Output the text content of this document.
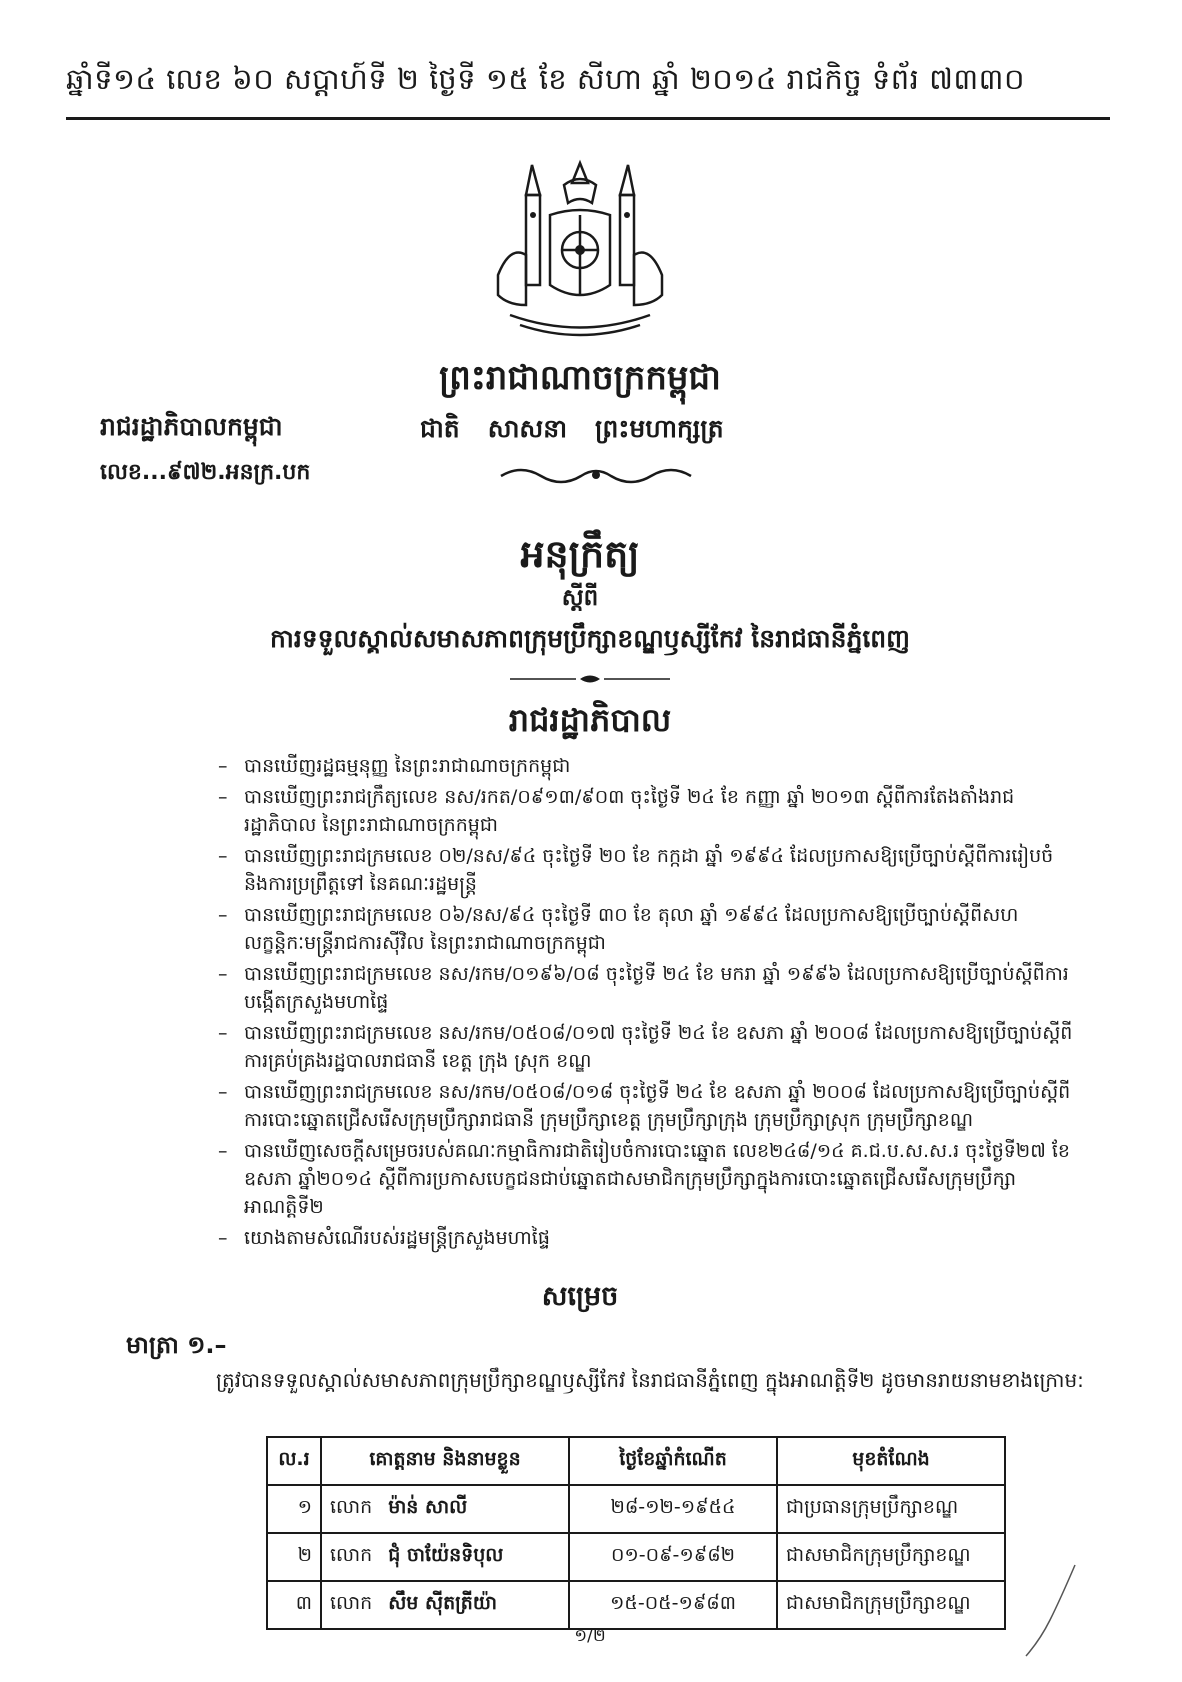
ឆ្នាំទី១៤ លេខ ៦០ សប្តាហ៍ទី ២ ថ្ងៃទី ១៥ ខែ សីហា ឆ្នាំ ២០១៤ រាជកិច្ច ទំព័រ ៧៣៣០
ព្រះរាជាណាចក្រកម្ពុជា
ជាតិ សាសនា ព្រះមហាក្សត្រ
រាជរដ្ឋាភិបាលកម្ពុជា
លេខ...៩៧២.អនក្រ.បក
អនុក្រឹត្យ
ស្តីពី
ការទទួលស្គាល់សមាសភាពក្រុមប្រឹក្សាខណ្ឌឫស្សីកែវ នៃរាជធានីភ្នំពេញ
រាជរដ្ឋាភិបាល
– បានឃើញរដ្ឋធម្មនុញ្ញ នៃព្រះរាជាណាចក្រកម្ពុជា
– បានឃើញព្រះរាជក្រឹត្យលេខ នស/រកត/០៩១៣/៩០៣ ចុះថ្ងៃទី ២៤ ខែ កញ្ញា ឆ្នាំ ២០១៣ ស្តីពីការតែងតាំងរាជរដ្ឋាភិបាល នៃព្រះរាជាណាចក្រកម្ពុជា
– បានឃើញព្រះរាជក្រមលេខ ០២/នស/៩៤ ចុះថ្ងៃទី ២០ ខែ កក្កដា ឆ្នាំ ១៩៩៤ ដែលប្រកាសឱ្យប្រើច្បាប់ស្តីពីការរៀបចំ និងការប្រព្រឹត្តទៅ នៃគណៈរដ្ឋមន្ត្រី
– បានឃើញព្រះរាជក្រមលេខ ០៦/នស/៩៤ ចុះថ្ងៃទី ៣០ ខែ តុលា ឆ្នាំ ១៩៩៤ ដែលប្រកាសឱ្យប្រើច្បាប់ស្តីពីសហលក្ខន្តិកៈមន្ត្រីរាជការស៊ីវិល នៃព្រះរាជាណាចក្រកម្ពុជា
– បានឃើញព្រះរាជក្រមលេខ នស/រកម/០១៩៦/០៨ ចុះថ្ងៃទី ២៤ ខែ មករា ឆ្នាំ ១៩៩៦ ដែលប្រកាសឱ្យប្រើច្បាប់ស្តីពីការបង្កើតក្រសួងមហាផ្ទៃ
– បានឃើញព្រះរាជក្រមលេខ នស/រកម/០៥០៨/០១៧ ចុះថ្ងៃទី ២៤ ខែ ឧសភា ឆ្នាំ ២០០៨ ដែលប្រកាសឱ្យប្រើច្បាប់ស្តីពីការគ្រប់គ្រងរដ្ឋបាលរាជធានី ខេត្ត ក្រុង ស្រុក ខណ្ឌ
– បានឃើញព្រះរាជក្រមលេខ នស/រកម/០៥០៨/០១៨ ចុះថ្ងៃទី ២៤ ខែ ឧសភា ឆ្នាំ ២០០៨ ដែលប្រកាសឱ្យប្រើច្បាប់ស្តីពីការបោះឆ្នោតជ្រើសរើសក្រុមប្រឹក្សារាជធានី ក្រុមប្រឹក្សាខេត្ត ក្រុមប្រឹក្សាក្រុង ក្រុមប្រឹក្សាស្រុក ក្រុមប្រឹក្សាខណ្ឌ
– បានឃើញសេចក្តីសម្រេចរបស់គណៈកម្មាធិការជាតិរៀបចំការបោះឆ្នោត លេខ២៤៨/១៤ គ.ជ.ប.ស.ស.រ ចុះថ្ងៃទី២៧ ខែឧសភា ឆ្នាំ២០១៤ ស្តីពីការប្រកាសបេក្ខជនជាប់ឆ្នោតជាសមាជិកក្រុមប្រឹក្សាក្នុងការបោះឆ្នោតជ្រើសរើសក្រុមប្រឹក្សា អាណត្តិទី២
– យោងតាមសំណើរបស់រដ្ឋមន្ត្រីក្រសួងមហាផ្ទៃ
សម្រេច
មាត្រា ១.–
ត្រូវបានទទួលស្គាល់សមាសភាពក្រុមប្រឹក្សាខណ្ឌឫស្សីកែវ នៃរាជធានីភ្នំពេញ ក្នុងអាណត្តិទី២ ដូចមានរាយនាមខាងក្រោម:
ល.រ	គោត្តនាម និងនាមខ្លួន	ថ្ងៃខែឆ្នាំកំណើត	មុខតំណែង
១	លោក ម៉ាន់ សាលី	២៨-១២-១៩៥៤	ជាប្រធានក្រុមប្រឹក្សាខណ្ឌ
២	លោក ជុំ ចាយ៉ែនទិបុល	០១-០៩-១៩៨២	ជាសមាជិកក្រុមប្រឹក្សាខណ្ឌ
៣	លោក សឹម ស៊ីតត្រីយ៉ា	១៥-០៥-១៩៨៣	ជាសមាជិកក្រុមប្រឹក្សាខណ្ឌ
១/២
